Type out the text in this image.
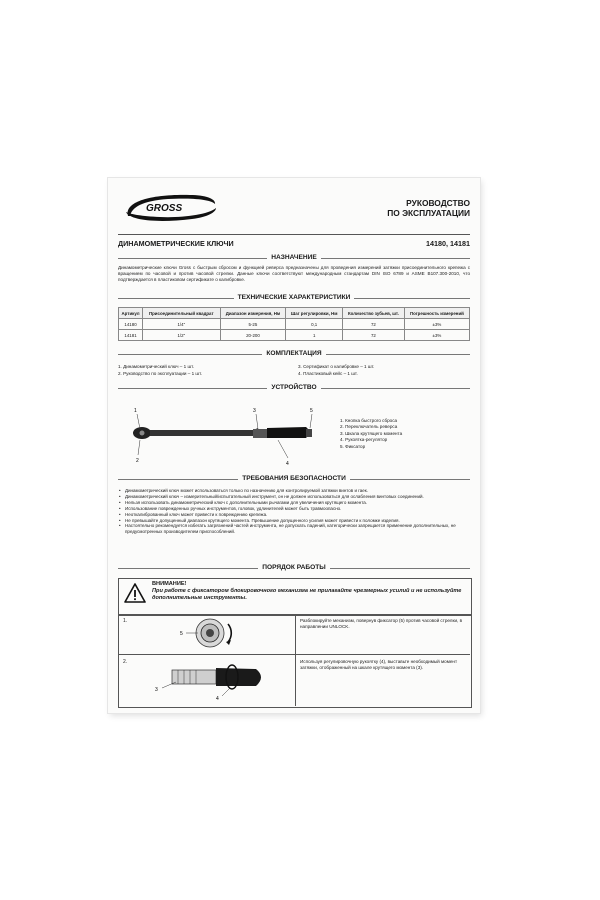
GROSS	РУКОВОДСТВО
ПО ЭКСПЛУАТАЦИИ
ДИНАМОМЕТРИЧЕСКИЕ КЛЮЧИ	14180, 14181
НАЗНАЧЕНИЕ
Динамометрические ключи Gross с быстрым сбросом и функцией реверса предназначены для проведения измерений затяжки присоединительного крепежа с вращением по часовой и против часовой стрелки. Данные ключи соответствуют международным стандартам DIN ISO 6789 и ASME B107.300-2010, что подтверждается в пластиковом сертификате о калибровке.
ТЕХНИЧЕСКИЕ ХАРАКТЕРИСТИКИ
Артикул	Присоединительный квадрат	Диапазон измерения, Нм	Шаг регулировки, Нм	Количество зубьев, шт.	Погрешность измерений
14180	1/4"	5-25	0,1	72	±3%
14181	1/2"	20-200	1	72	±3%
КОМПЛЕКТАЦИЯ
1. Динамометрический ключ – 1 шт.
2. Руководство по эксплуатации – 1 шт.
3. Сертификат о калибровке – 1 шт.
4. Пластиковый кейс – 1 шт.
УСТРОЙСТВО
1
2
3
4
5
1. Кнопка быстрого сброса
2. Переключатель реверса
3. Шкала крутящего момента
4. Рукоятка-регулятор
5. Фиксатор
ТРЕБОВАНИЯ БЕЗОПАСНОСТИ
• Динамометрический ключ может использоваться только по назначению для контролируемой затяжки винтов и гаек.
• Динамометрический ключ – измерительный/испытательный инструмент, он не должен использоваться для ослабления винтовых соединений.
• Нельзя использовать динамометрический ключ с дополнительными рычагами для увеличения крутящего момента.
• Использование поврежденных ручных инструментов, головок, удлинителей может быть травмоопасно.
• Неоткалиброванный ключ может привести к повреждению крепежа.
• Не превышайте допущенный диапазон крутящего момента. Превышение допущенного усилия может привести к поломке изделия.
• Настоятельно рекомендуется избегать загрязнений частей инструмента, не допускать падений, категорически запрещается применение дополнительных, не предусмотренных производителем приспособлений.
ПОРЯДОК РАБОТЫ
ВНИМАНИЕ!
При работе с фиксатором блокировочного механизма не прилагайте чрезмерных усилий и не используйте дополнительные инструменты.
1.
5
Разблокируйте механизм, повернув фиксатор (5) против часовой стрелки, в направлении UNLOCK.
2.
3
4
Используя регулировочную рукоятку (4), выставьте необходимый момент затяжки, отображенный на шкале крутящего момента (3).
